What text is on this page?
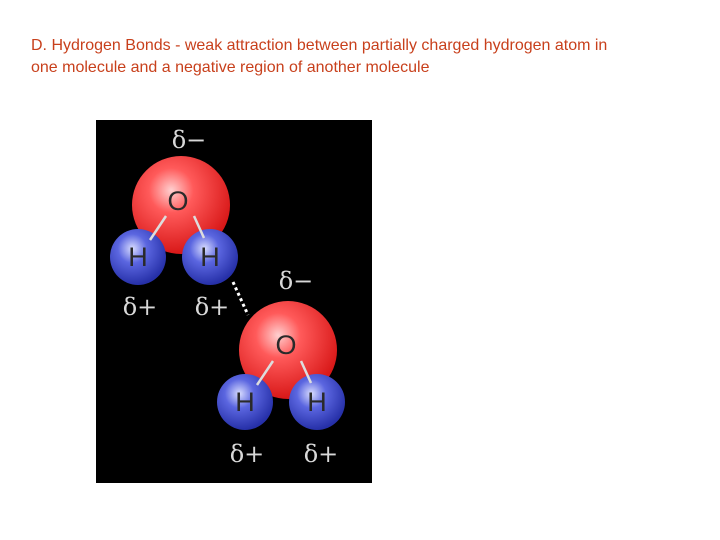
D. Hydrogen Bonds - weak attraction between partially charged hydrogen atom in
one molecule and a negative region of another molecule
O
H H
δ−
δ+ δ+
O
H H
δ−
δ+ δ+
